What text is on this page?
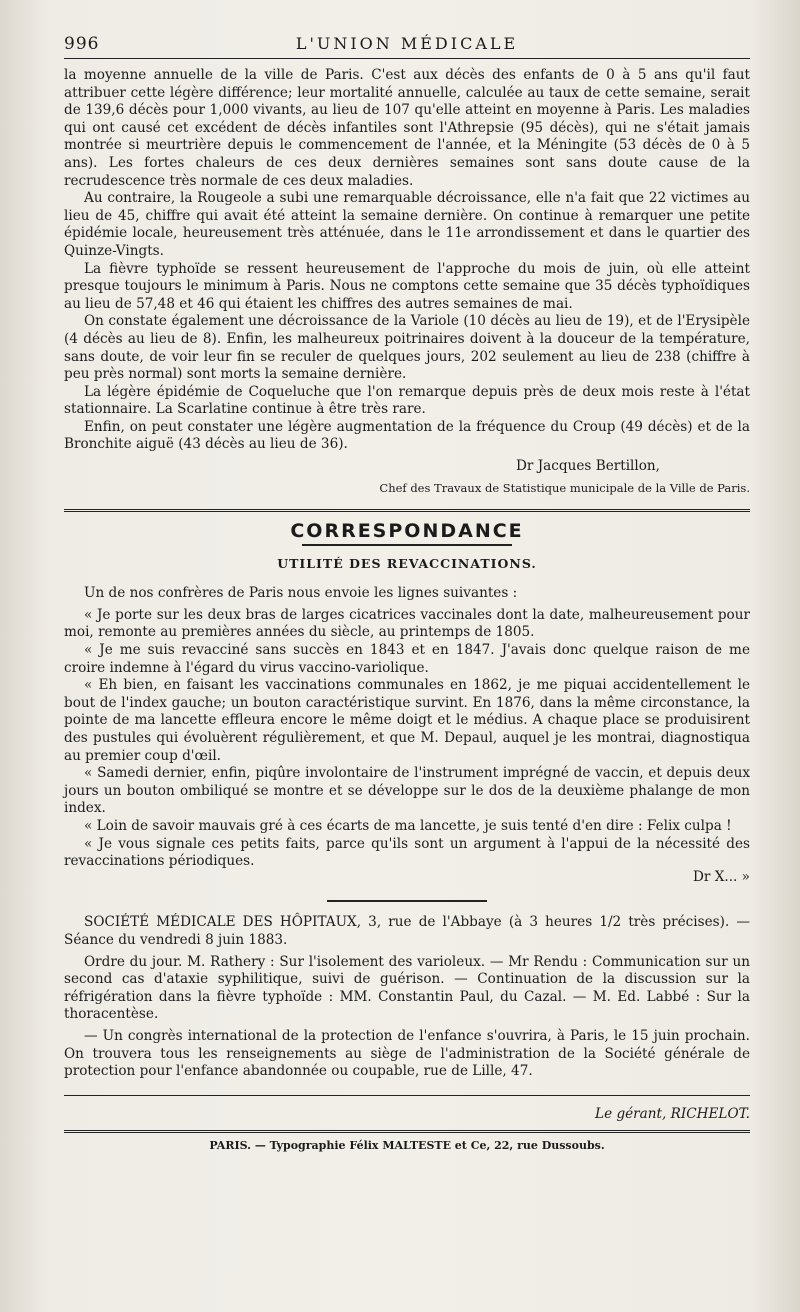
996	L'UNION MÉDICALE

la moyenne annuelle de la ville de Paris. C'est aux décès des enfants de 0 à 5 ans qu'il faut attribuer cette légère différence; leur mortalité annuelle, calculée au taux de cette semaine, serait de 139,6 décès pour 1,000 vivants, au lieu de 107 qu'elle atteint en moyenne à Paris. Les maladies qui ont causé cet excédent de décès infantiles sont l'Athrepsie (95 décès), qui ne s'était jamais montrée si meurtrière depuis le commencement de l'année, et la Méningite (53 décès de 0 à 5 ans). Les fortes chaleurs de ces deux dernières semaines sont sans doute cause de la recrudescence très normale de ces deux maladies.

Au contraire, la Rougeole a subi une remarquable décroissance, elle n'a fait que 22 victimes au lieu de 45, chiffre qui avait été atteint la semaine dernière. On continue à remarquer une petite épidémie locale, heureusement très atténuée, dans le 11e arrondissement et dans le quartier des Quinze-Vingts.

La fièvre typhoïde se ressent heureusement de l'approche du mois de juin, où elle atteint presque toujours le minimum à Paris. Nous ne comptons cette semaine que 35 décès typhoïdiques au lieu de 57,48 et 46 qui étaient les chiffres des autres semaines de mai.

On constate également une décroissance de la Variole (10 décès au lieu de 19), et de l'Erysipèle (4 décès au lieu de 8). Enfin, les malheureux poitrinaires doivent à la douceur de la température, sans doute, de voir leur fin se reculer de quelques jours, 202 seulement au lieu de 238 (chiffre à peu près normal) sont morts la semaine dernière.

La légère épidémie de Coqueluche que l'on remarque depuis près de deux mois reste à l'état stationnaire. La Scarlatine continue à être très rare.

Enfin, on peut constater une légère augmentation de la fréquence du Croup (49 décès) et de la Bronchite aiguë (43 décès au lieu de 36).

Dr Jacques Bertillon,
Chef des Travaux de Statistique municipale de la Ville de Paris.
CORRESPONDANCE
UTILITÉ DES REVACCINATIONS.

Un de nos confrères de Paris nous envoie les lignes suivantes :

« Je porte sur les deux bras de larges cicatrices vaccinales dont la date, malheureusement pour moi, remonte au premières années du siècle, au printemps de 1805.

« Je me suis revacciné sans succès en 1843 et en 1847. J'avais donc quelque raison de me croire indemne à l'égard du virus vaccino-variolique.

« Eh bien, en faisant les vaccinations communales en 1862, je me piquai accidentellement le bout de l'index gauche; un bouton caractéristique survint. En 1876, dans la même circonstance, la pointe de ma lancette effleura encore le même doigt et le médius. A chaque place se produisirent des pustules qui évoluèrent régulièrement, et que M. Depaul, auquel je les montrai, diagnostiqua au premier coup d'œil.

« Samedi dernier, enfin, piqûre involontaire de l'instrument imprégné de vaccin, et depuis deux jours un bouton ombiliqué se montre et se développe sur le dos de la deuxième phalange de mon index.

« Loin de savoir mauvais gré à ces écarts de ma lancette, je suis tenté d'en dire : Felix culpa !

« Je vous signale ces petits faits, parce qu'ils sont un argument à l'appui de la nécessité des revaccinations périodiques.

Dr X... »

SOCIÉTÉ MÉDICALE DES HÔPITAUX, 3, rue de l'Abbaye (à 3 heures 1/2 très précises). — Séance du vendredi 8 juin 1883.

Ordre du jour. M. Rathery : Sur l'isolement des varioleux. — Mr Rendu : Communication sur un second cas d'ataxie syphilitique, suivi de guérison. — Continuation de la discussion sur la réfrigération dans la fièvre typhoïde : MM. Constantin Paul, du Cazal. — M. Ed. Labbé : Sur la thoracentèse.

— Un congrès international de la protection de l'enfance s'ouvrira, à Paris, le 15 juin prochain. On trouvera tous les renseignements au siège de l'administration de la Société générale de protection pour l'enfance abandonnée ou coupable, rue de Lille, 47.

Le gérant, RICHELOT.
PARIS. — Typographie Félix MALTESTE et Ce, 22, rue Dussoubs.
